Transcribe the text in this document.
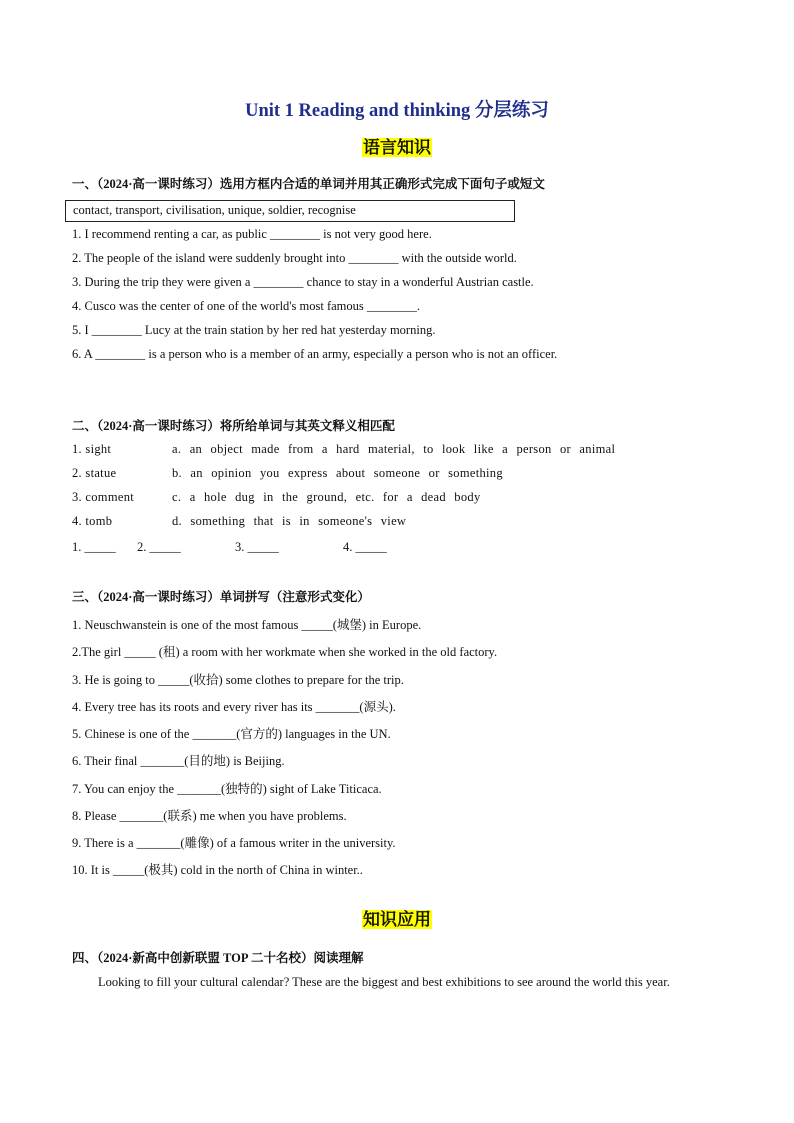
Unit 1 Reading and thinking 分层练习
语言知识
一、（2024·高一课时练习）选用方框内合适的单词并用其正确形式完成下面句子或短文
contact, transport, civilisation, unique, soldier, recognise
1. I recommend renting a car, as public ________ is not very good here.
2. The people of the island were suddenly brought into ________ with the outside world.
3. During the trip they were given a ________ chance to stay in a wonderful Austrian castle.
4. Cusco was the center of one of the world's most famous ________.
5. I ________ Lucy at the train station by her red hat yesterday morning.
6. A ________ is a person who is a member of an army, especially a person who is not an officer.
二、（2024·高一课时练习）将所给单词与其英文释义相匹配
1. sight	a. an object made from a hard material, to look like a person or animal
2. statue	b. an opinion you express about someone or something
3. comment	c. a hole dug in the ground, etc. for a dead body
4. tomb	d. something that is in someone's view
1. _____ 2. _____	3. _____	4. _____
三、（2024·高一课时练习）单词拼写（注意形式变化）
1. Neuschwanstein is one of the most famous _____(城堡) in Europe.
2.The girl _____ (租) a room with her workmate when she worked in the old factory.
3. He is going to _____(收拾) some clothes to prepare for the trip.
4. Every tree has its roots and every river has its _______(源头).
5. Chinese is one of the _______(官方的) languages in the UN.
6. Their final _______(目的地) is Beijing.
7. You can enjoy the _______(独特的) sight of Lake Titicaca.
8. Please _______(联系) me when you have problems.
9. There is a _______(雕像) of a famous writer in the university.
10. It is _____(极其) cold in the north of China in winter..
知识应用
四、（2024·新高中创新联盟 TOP 二十名校）阅读理解
Looking to fill your cultural calendar? These are the biggest and best exhibitions to see around the world this year.
